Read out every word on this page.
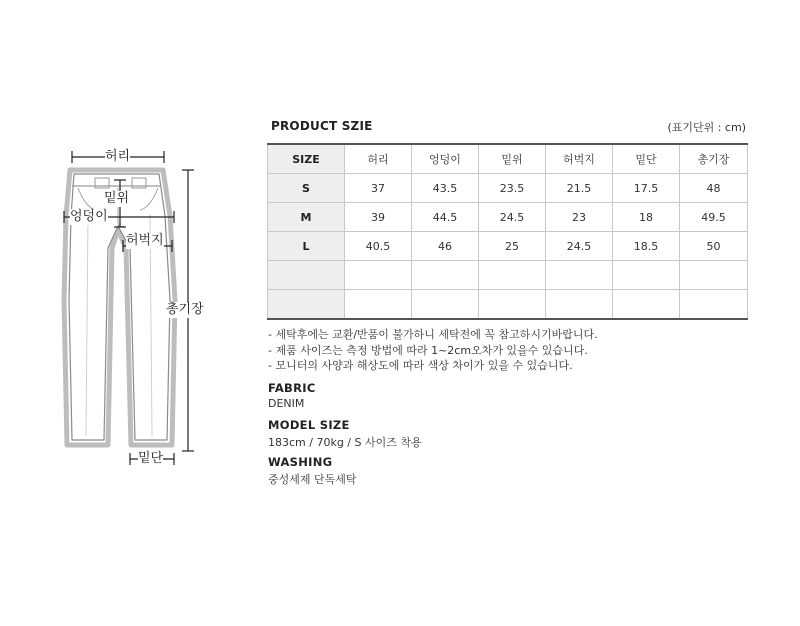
허리
밑위
엉덩이
허벅지
총기장
밑단
PRODUCT SZIE	(표기단위 : cm)
SIZE	허리	엉덩이	밑위	허벅지	밑단	총기장
S	37	43.5	23.5	21.5	17.5	48
M	39	44.5	24.5	23	18	49.5
L	40.5	46	25	24.5	18.5	50

- 세탁후에는 교환/반품이 불가하니 세탁전에 꼭 참고하시기바랍니다.
- 제품 사이즈는 측정 방법에 따라 1~2cm오차가 있을수 있습니다.
- 모니터의 사양과 해상도에 따라 색상 차이가 있을 수 있습니다.
FABRIC
DENIM
MODEL SIZE
183cm / 70kg / S 사이즈 착용
WASHING
중성세제 단독세탁
